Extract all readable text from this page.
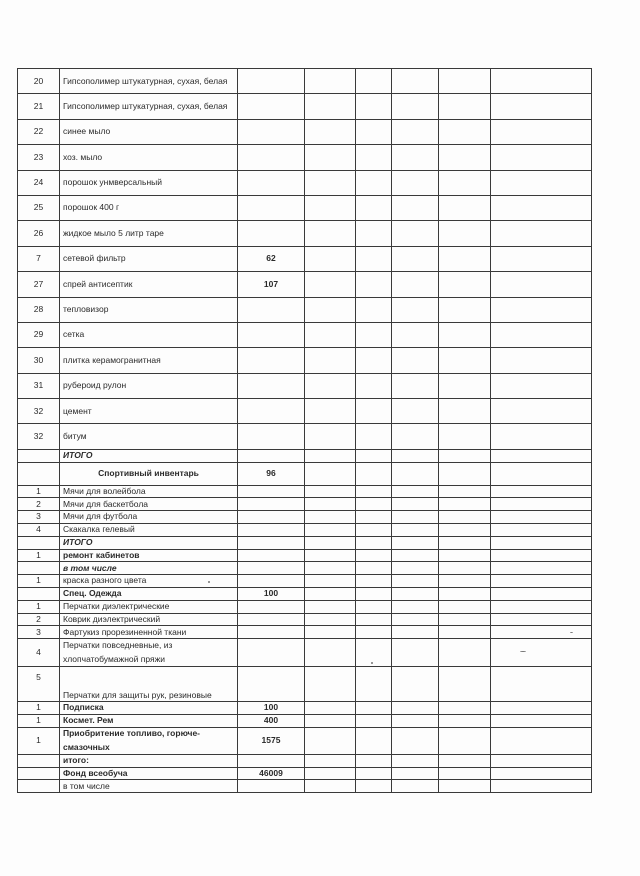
20	Гипсополимер штукатурная, сухая, белая						
21	Гипсополимер штукатурная, сухая, белая						
22	синее мыло						
23	хоз. мыло						
24	порошок унмверсальный						
25	порошок 400 г						
26	жидкое мыло 5 литр таре						
7	сетевой фильтр	62					
27	спрей антисептик	107					
28	тепловизор						
29	сетка						
30	плитка керамогранитная						
31	рубероид рулон						
32	цемент						
32	битум						
	ИТОГО						
	Спортивный инвентарь	96					
1	Мячи для волейбола						
2	Мячи для баскетбола						
3	Мячи для футбола						
4	Скакалка гелевый						
	ИТОГО						
1	ремонт кабинетов						
	в том числе						
1	краска разного цвета						
	Спец. Одежда	100					
1	Перчатки диэлектрические						
2	Коврик диэлектрический						
3	Фартукиз прорезиненной ткани						
4	Перчатки повседневные, из
хлопчатобумажной пряжи						

5	Перчатки для защиты рук, резиновые						
1	Подписка	100					
1	Космет. Рем	400					
1	Приобритение топливо, горюче-
смазочных	1575					
	итого:						
	Фонд всеобуча	46009					
	в том числе						
